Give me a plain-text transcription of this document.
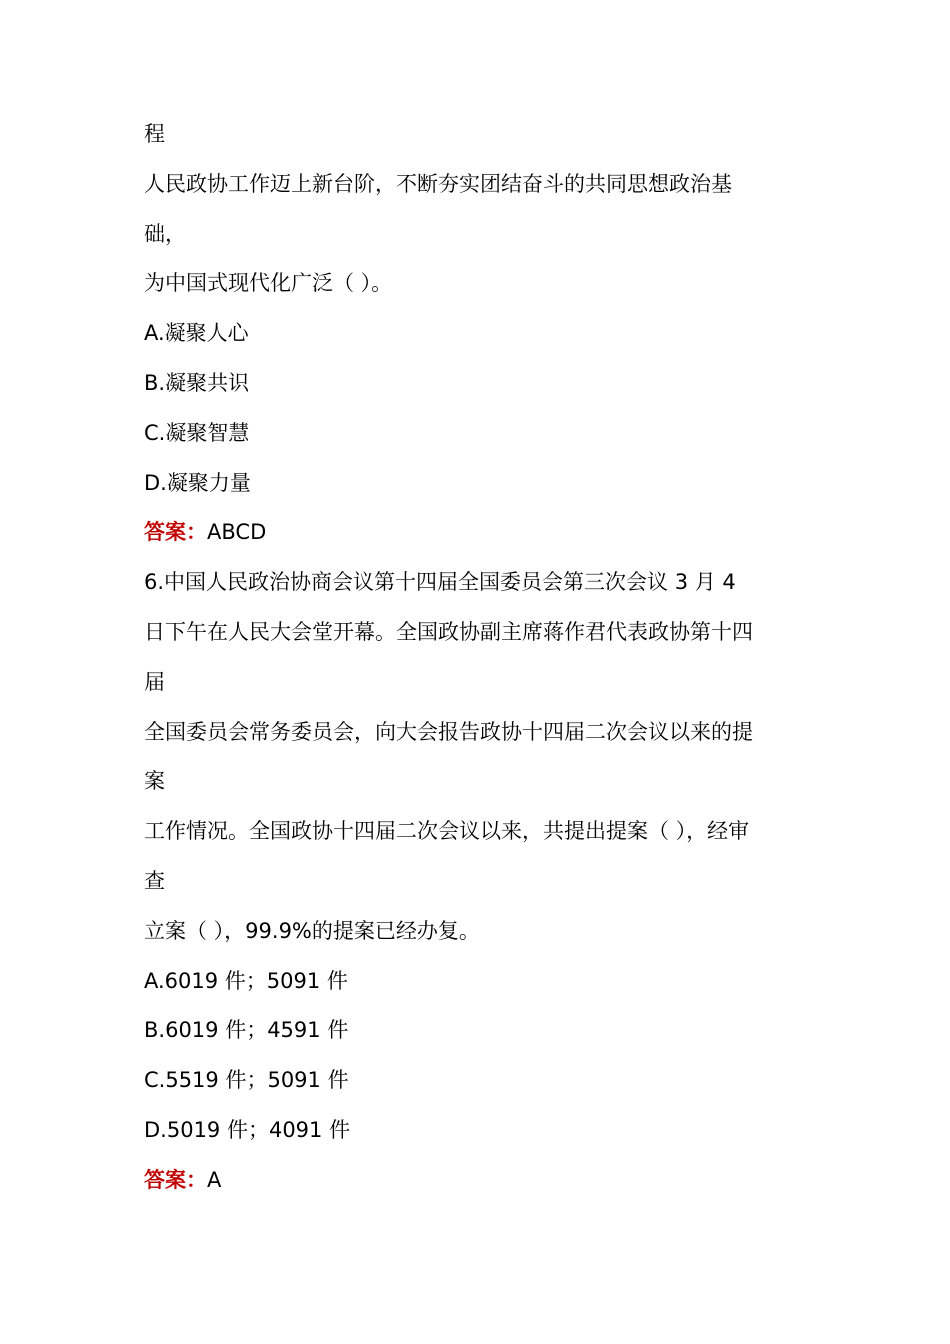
程
人民政协工作迈上新台阶，不断夯实团结奋斗的共同思想政治基
础，
为中国式现代化广泛（ ）。
A.凝聚人心
B.凝聚共识
C.凝聚智慧
D.凝聚力量
答案：ABCD
6.中国人民政治协商会议第十四届全国委员会第三次会议 3 月 4
日下午在人民大会堂开幕。全国政协副主席蒋作君代表政协第十四
届
全国委员会常务委员会，向大会报告政协十四届二次会议以来的提
案
工作情况。全国政协十四届二次会议以来，共提出提案（ ），经审
查
立案（ ），99.9%的提案已经办复。
A.6019 件；5091 件
B.6019 件；4591 件
C.5519 件；5091 件
D.5019 件；4091 件
答案：A
